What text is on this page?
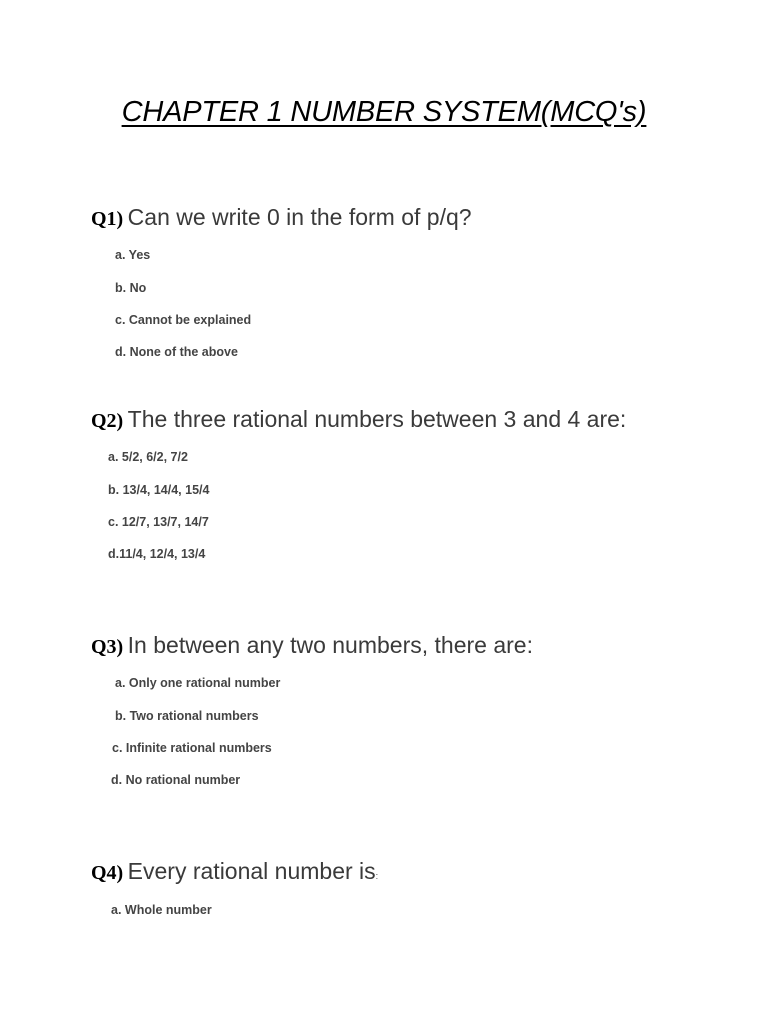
CHAPTER 1 NUMBER SYSTEM(MCQ's)

Q1) Can we write 0 in the form of p/q?

a. Yes

b. No

c. Cannot be explained

d. None of the above

Q2) The three rational numbers between 3 and 4 are:

a. 5/2, 6/2, 7/2

b. 13/4, 14/4, 15/4

c. 12/7, 13/7, 14/7

d.11/4, 12/4, 13/4

Q3) In between any two numbers, there are:

a. Only one rational number

b. Two rational numbers

c. Infinite rational numbers

d. No rational number

Q4) Every rational number is:

a. Whole number
